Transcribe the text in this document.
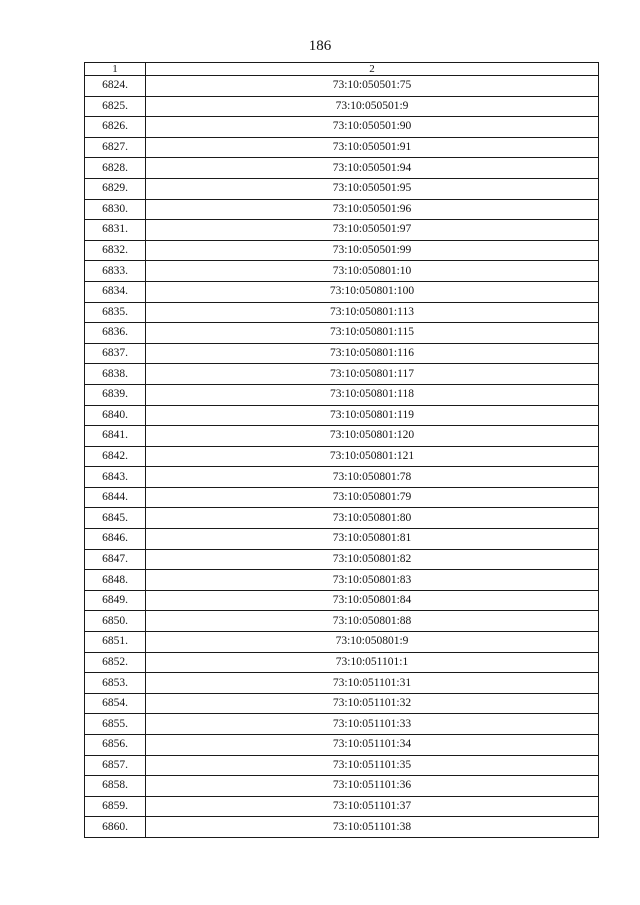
186
1	2
6824.	73:10:050501:75
6825.	73:10:050501:9
6826.	73:10:050501:90
6827.	73:10:050501:91
6828.	73:10:050501:94
6829.	73:10:050501:95
6830.	73:10:050501:96
6831.	73:10:050501:97
6832.	73:10:050501:99
6833.	73:10:050801:10
6834.	73:10:050801:100
6835.	73:10:050801:113
6836.	73:10:050801:115
6837.	73:10:050801:116
6838.	73:10:050801:117
6839.	73:10:050801:118
6840.	73:10:050801:119
6841.	73:10:050801:120
6842.	73:10:050801:121
6843.	73:10:050801:78
6844.	73:10:050801:79
6845.	73:10:050801:80
6846.	73:10:050801:81
6847.	73:10:050801:82
6848.	73:10:050801:83
6849.	73:10:050801:84
6850.	73:10:050801:88
6851.	73:10:050801:9
6852.	73:10:051101:1
6853.	73:10:051101:31
6854.	73:10:051101:32
6855.	73:10:051101:33
6856.	73:10:051101:34
6857.	73:10:051101:35
6858.	73:10:051101:36
6859.	73:10:051101:37
6860.	73:10:051101:38
